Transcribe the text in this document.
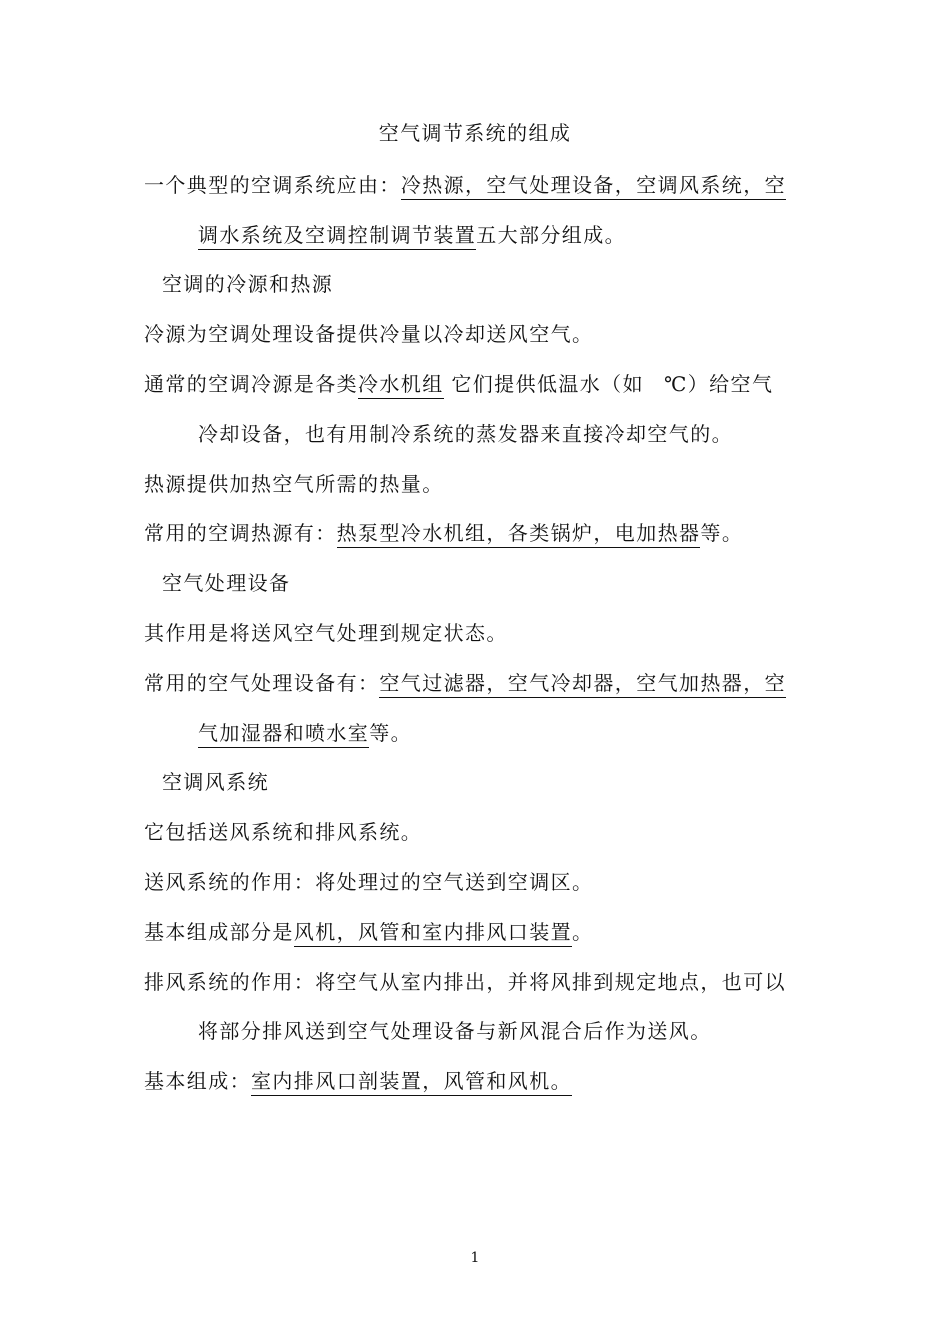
空气调节系统的组成
一个典型的空调系统应由：冷热源，空气处理设备，空调风系统，空
调水系统及空调控制调节装置五大部分组成。
空调的冷源和热源
冷源为空调处理设备提供冷量以冷却送风空气。
通常的空调冷源是各类冷水机组 它们提供低温水（如 ℃）给空气
冷却设备，也有用制冷系统的蒸发器来直接冷却空气的。
热源提供加热空气所需的热量。
常用的空调热源有：热泵型冷水机组，各类锅炉，电加热器等。
空气处理设备
其作用是将送风空气处理到规定状态。
常用的空气处理设备有：空气过滤器，空气冷却器，空气加热器，空
气加湿器和喷水室等。
空调风系统
它包括送风系统和排风系统。
送风系统的作用：将处理过的空气送到空调区。
基本组成部分是风机，风管和室内排风口装置。
排风系统的作用：将空气从室内排出，并将风排到规定地点，也可以
将部分排风送到空气处理设备与新风混合后作为送风。
基本组成：室内排风口剖装置，风管和风机。
1
